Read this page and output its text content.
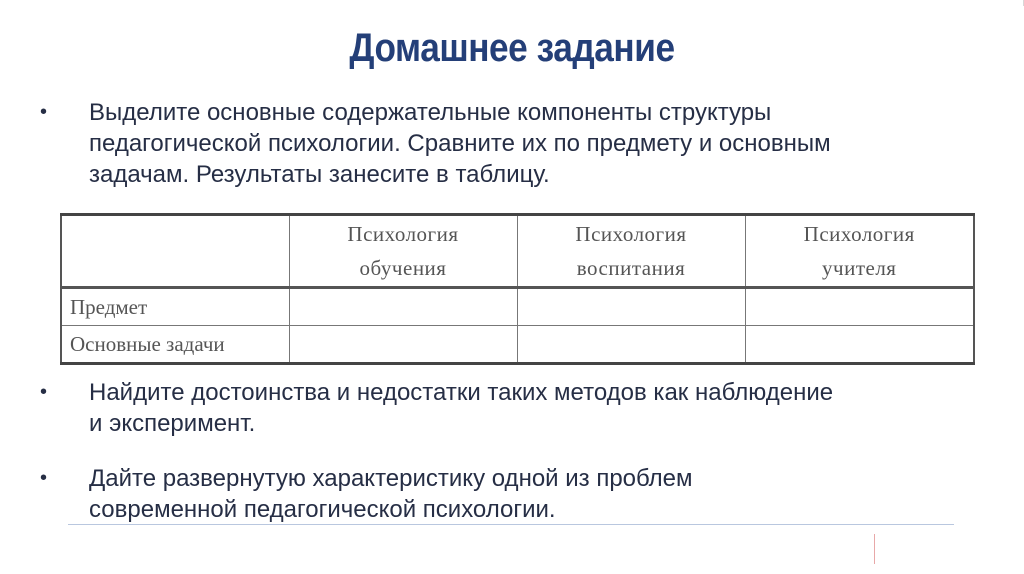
Домашнее задание
•	Выделите основные содержательные компоненты структуры
педагогической психологии. Сравните их по предмету и основным
задачам. Результаты занесите в таблицу.
	Психология
обучения	Психология
воспитания	Психология
учителя
Предмет			
Основные задачи			
•	Найдите достоинства и недостатки таких методов как наблюдение
и эксперимент.
•	Дайте развернутую характеристику одной из проблем
современной педагогической психологии.
